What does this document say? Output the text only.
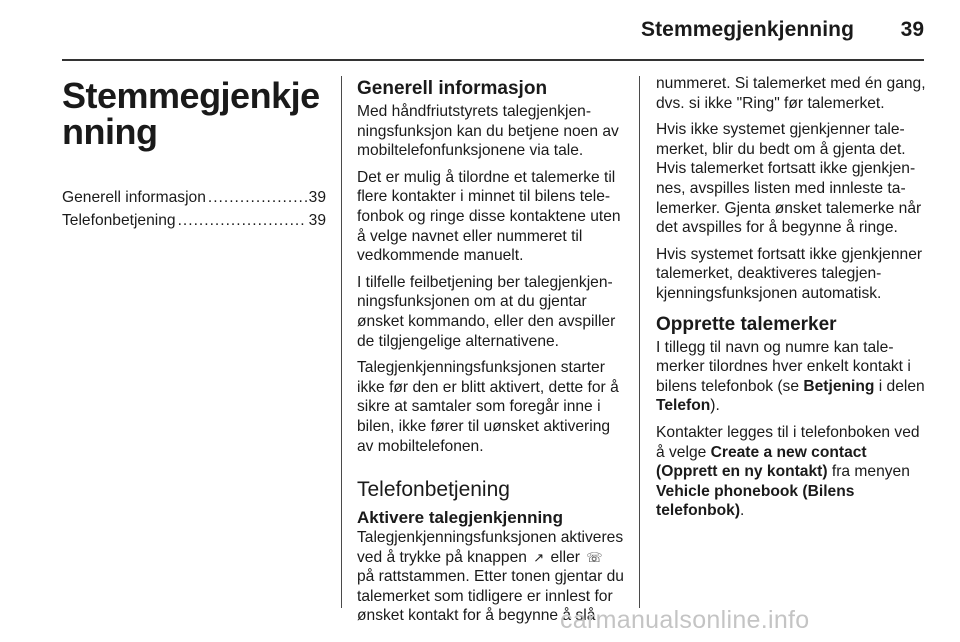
Stemmegjenkjenning	39
Stemmegjenkjenning
Generell informasjon .....	39
Telefonbetjening .....	39
Generell informasjon

Med håndfriutstyrets talegjenkjenningsfunksjon kan du betjene noen av mobiltelefonfunksjonene via tale.

Det er mulig å tilordne et talemerke til flere kontakter i minnet til bilens telefonbok og ringe disse kontaktene uten å velge navnet eller nummeret til vedkommende manuelt.

I tilfelle feilbetjening ber talegjenkjenningsfunksjonen om at du gjentar ønsket kommando, eller den avspiller de tilgjengelige alternativene.

Talegjenkjenningsfunksjonen starter ikke før den er blitt aktivert, dette for å sikre at samtaler som foregår inne i bilen, ikke fører til uønsket aktivering av mobiltelefonen.

Telefonbetjening
Aktivere talegjenkjenning

Talegjenkjenningsfunksjonen aktiveres ved å trykke på knappen ↗ eller ☏ på rattstammen. Etter tonen gjentar du talemerket som tidligere er innlest for ønsket kontakt for å begynne å slå

nummeret. Si talemerket med én gang, dvs. si ikke "Ring" før talemerket.

Hvis ikke systemet gjenkjenner talemerket, blir du bedt om å gjenta det. Hvis talemerket fortsatt ikke gjenkjennes, avspilles listen med innleste talemerker. Gjenta ønsket talemerke når det avspilles for å begynne å ringe.

Hvis systemet fortsatt ikke gjenkjenner talemerket, deaktiveres talegjenkjenningsfunksjonen automatisk.

Opprette talemerker

I tillegg til navn og numre kan talemerker tilordnes hver enkelt kontakt i bilens telefonbok (se Betjening i delen Telefon).

Kontakter legges til i telefonboken ved å velge Create a new contact (Opprett en ny kontakt) fra menyen Vehicle phonebook (Bilens telefonbok).

carmanualsonline.info
